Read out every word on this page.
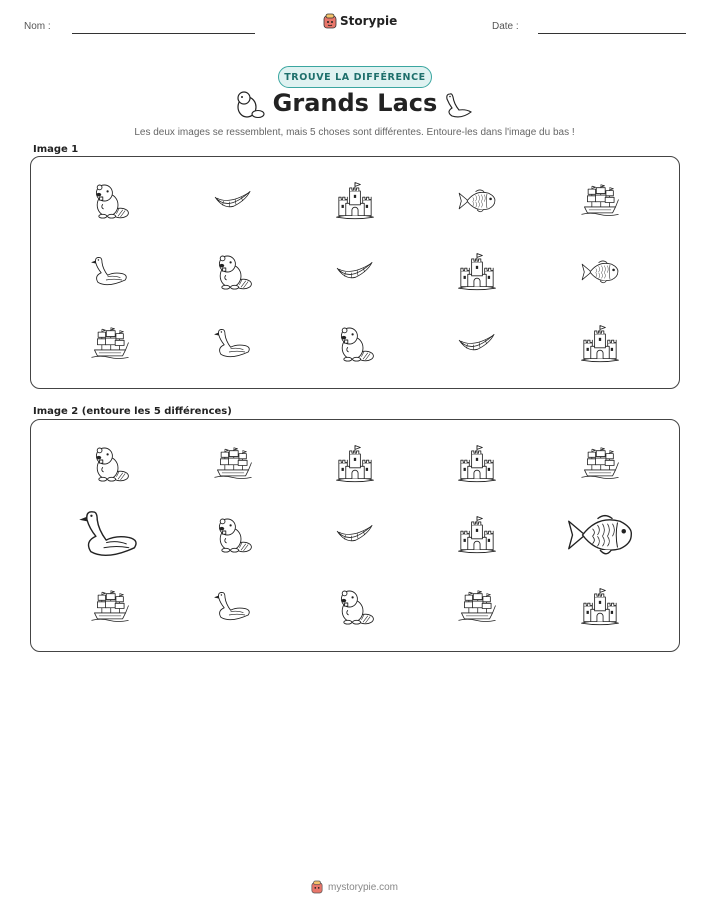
Nom :	Storypie	Date :
TROUVE LA DIFFÉRENCE
Grands Lacs
Les deux images se ressemblent, mais 5 choses sont différentes. Entoure-les dans l'image du bas !
Image 1
Image 2 (entoure les 5 différences)
mystorypie.com
